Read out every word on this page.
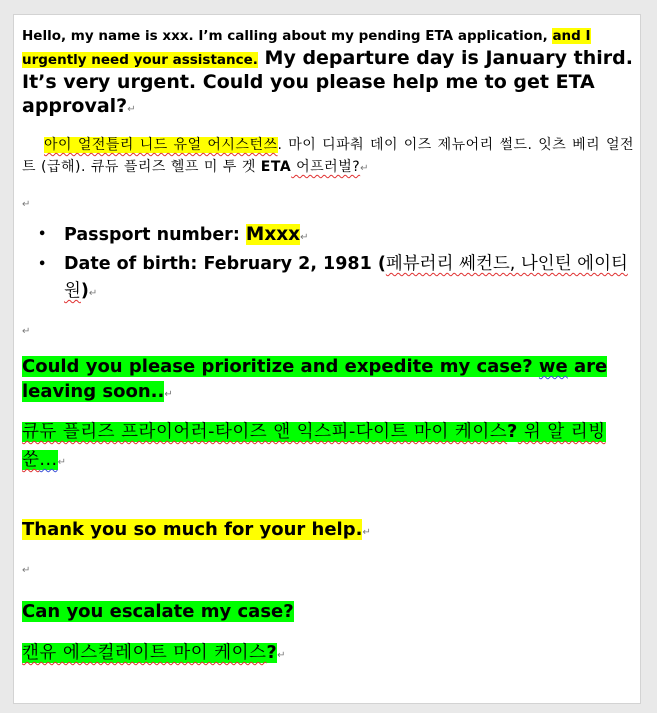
Hello, my name is xxx. I’m calling about my pending ETA application, and I urgently need your assistance. My departure day is January third. It’s very urgent. Could you please help me to get ETA approval?↵

아이 얼전틀리 니드 유얼 어시스턴쓰. 마이 디파춰 데이 이즈 제뉴어리 썰드. 잇츠 베리 얼전트 (급해). 큐듀 플리즈 헬프 미 투 겟 ETA 어프러벌?↵

↵
• Passport number: Mxxx↵
• Date of birth: February 2, 1981 (페뷰러리 쎄컨드, 나인틴 에이티 원)↵
↵

Could you please prioritize and expedite my case? we are leaving soon..↵

큐듀 플리즈 프라이어러-타이즈 앤 익스피-다이트 마이 케이스? 위 알 리빙 쑨...↵

Thank you so much for your help.↵

↵

Can you escalate my case?

캔유 에스컬레이트 마이 케이스?↵
